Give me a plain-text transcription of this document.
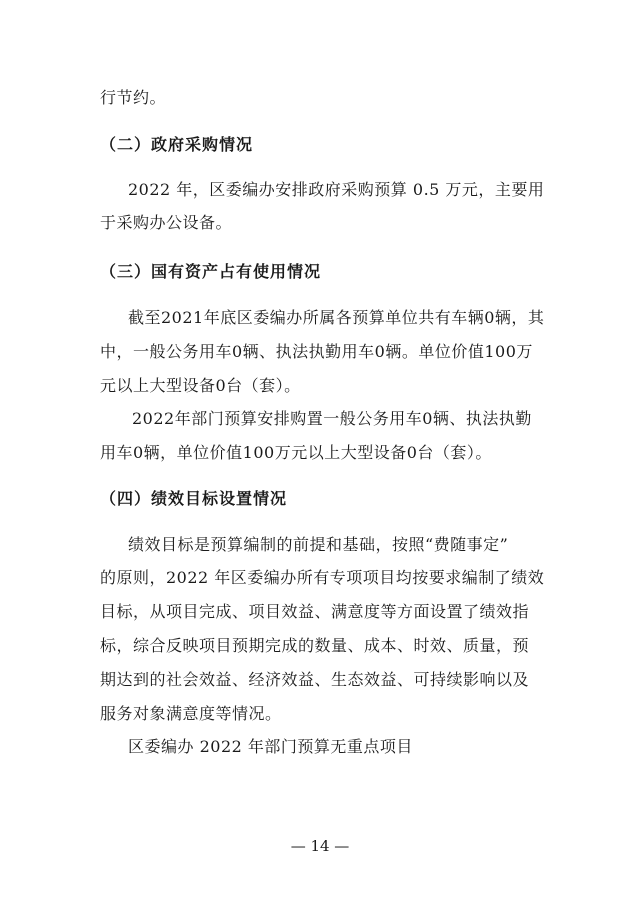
行节约。
（二）政府采购情况
2022 年，区委编办安排政府采购预算 0.5 万元，主要用
于采购办公设备。
（三）国有资产占有使用情况
截至2021年底区委编办所属各预算单位共有车辆0辆，其
中，一般公务用车0辆、执法执勤用车0辆。单位价值100万
元以上大型设备0台（套）。
2022年部门预算安排购置一般公务用车0辆、执法执勤
用车0辆，单位价值100万元以上大型设备0台（套）。
（四）绩效目标设置情况
绩效目标是预算编制的前提和基础，按照“费随事定”
的原则，2022 年区委编办所有专项项目均按要求编制了绩效
目标，从项目完成、项目效益、满意度等方面设置了绩效指
标，综合反映项目预期完成的数量、成本、时效、质量，预
期达到的社会效益、经济效益、生态效益、可持续影响以及
服务对象满意度等情况。
区委编办 2022 年部门预算无重点项目
— 14 —
